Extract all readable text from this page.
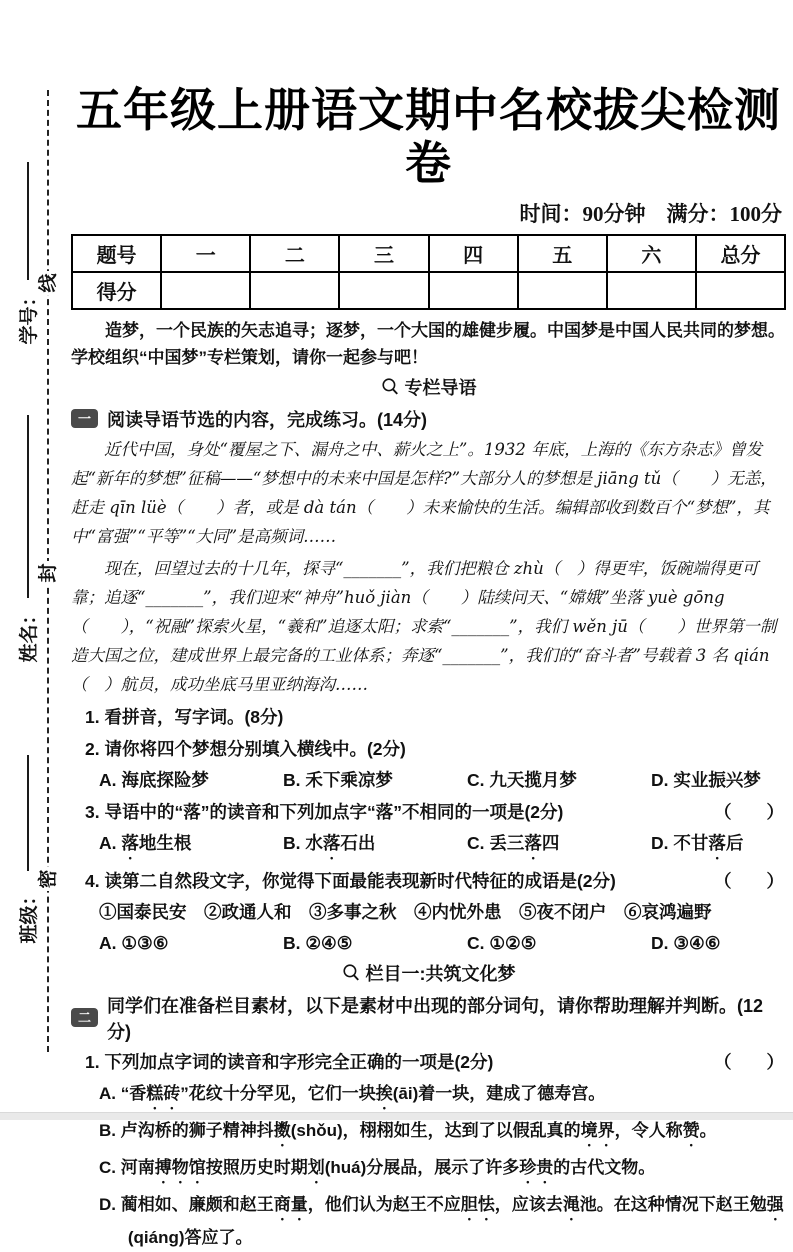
线
封
密
学号：
姓名：
班级：
五年级上册语文期中名校拔尖检测卷
时间：90分钟　满分：100分
题号	一	二	三	四	五	六	总分
得分							

造梦，一个民族的矢志追寻；逐梦，一个大国的雄健步履。中国梦是中国人民共同的梦想。学校组织“中国梦”专栏策划，请你一起参与吧！

专栏导语
一 阅读导语节选的内容，完成练习。(14分)

近代中国，身处“覆屋之下、漏舟之中、薪火之上”。1932 年底，上海的《东方杂志》曾发起“新年的梦想”征稿——“梦想中的未来中国是怎样?”大部分人的梦想是 jiāng tǔ（　　）无恙，赶走 qīn lüè（　　）者，或是 dà tán（　　）未来愉快的生活。编辑部收到数百个“梦想”，其中“富强”“平等”“大同”是高频词……

现在，回望过去的十几年，探寻“_______”，我们把粮仓 zhù（　）得更牢，饭碗端得更可靠；追逐“_______”，我们迎来“神舟”huǒ jiàn（　　）陆续问天、“嫦娥”坐落 yuè gōng（　　），“祝融”探索火星，“羲和”追逐太阳；求索“_______”，我们 wěn jū（　　）世界第一制造大国之位，建成世界上最完备的工业体系；奔逐“_______”，我们的“奋斗者”号载着 3 名 qián（　）航员，成功坐底马里亚纳海沟……

1. 看拼音，写字词。(8分)

2. 请你将四个梦想分别填入横线中。(2分)

A. 海底探险梦	B. 禾下乘凉梦	C. 九天揽月梦	D. 实业振兴梦
3. 导语中的“落”的读音和下列加点字“落”不相同的一项是(2分)	（　　）
A. 落地生根	B. 水落石出	C. 丢三落四	D. 不甘落后
4. 读第二自然段文字，你觉得下面最能表现新时代特征的成语是(2分)	（　　）

①国泰民安　②政通人和　③多事之秋　④内忧外患　⑤夜不闭户　⑥哀鸿遍野

A. ①③⑥	B. ②④⑤	C. ①②⑤	D. ③④⑥
栏目一:共筑文化梦
二
同学们在准备栏目素材，以下是素材中出现的部分词句，请你帮助理解并判断。(12分)
1. 下列加点字词的读音和字形完全正确的一项是(2分)	（　　）

A. “香糕砖”花纹十分罕见，它们一块挨(āi)着一块，建成了德寿宫。

B. 卢沟桥的狮子精神抖擞(shǒu)，栩栩如生，达到了以假乱真的境界，令人称赞。

C. 河南搏物馆按照历史时期划(huá)分展品，展示了许多珍贵的古代文物。

D. 蔺相如、廉颇和赵王商量，他们认为赵王不应胆怯，应该去渑池。在这种情况下赵王勉强(qiáng)答应了。
